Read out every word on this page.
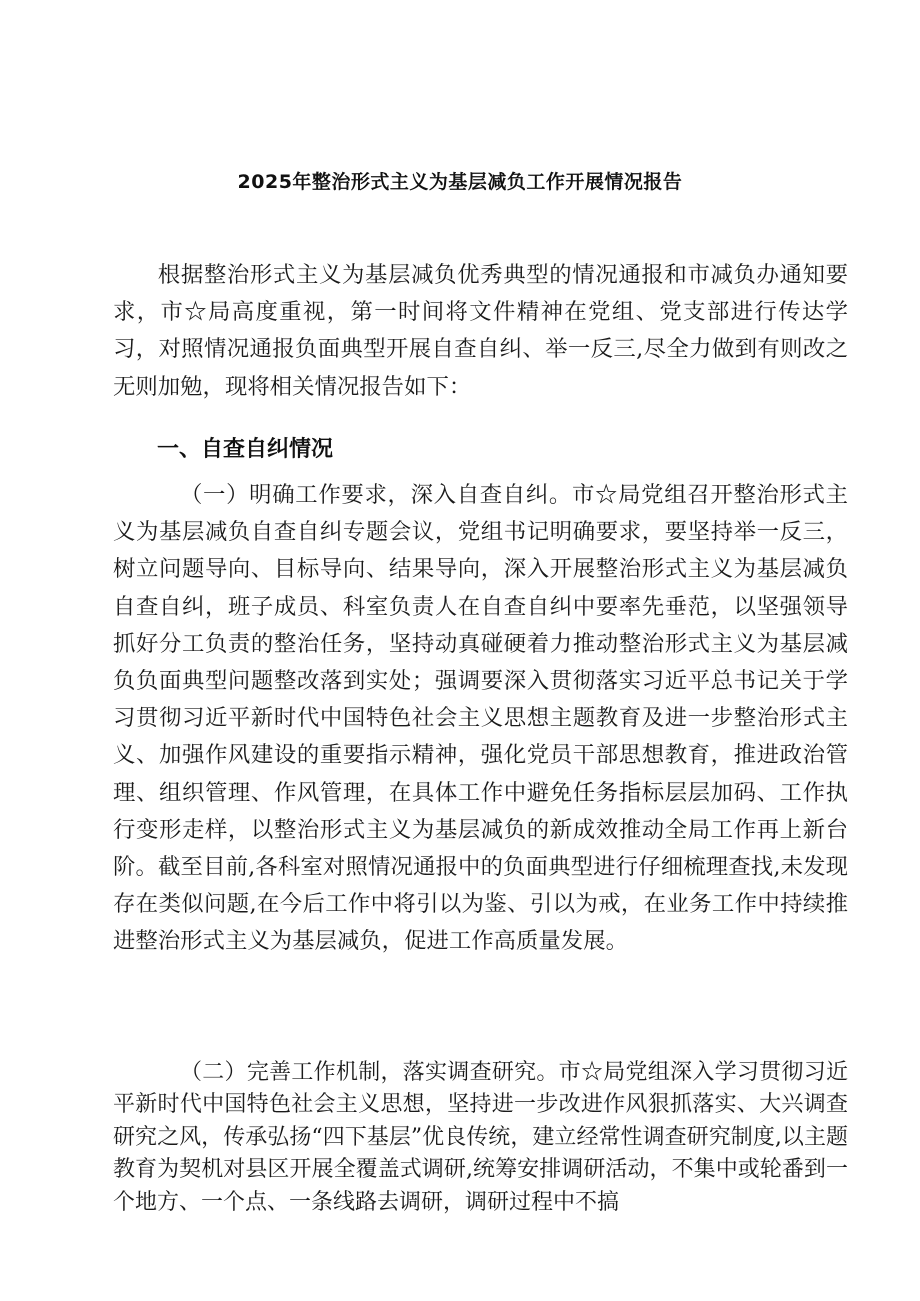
2025年整治形式主义为基层减负工作开展情况报告

根据整治形式主义为基层减负优秀典型的情况通报和市减负办通知要求，市☆局高度重视，第一时间将文件精神在党组、党支部进行传达学习，对照情况通报负面典型开展自查自纠、举一反三,尽全力做到有则改之无则加勉，现将相关情况报告如下：

一、自查自纠情况

（一）明确工作要求，深入自查自纠。市☆局党组召开整治形式主义为基层减负自查自纠专题会议，党组书记明确要求，要坚持举一反三，树立问题导向、目标导向、结果导向，深入开展整治形式主义为基层减负自查自纠，班子成员、科室负责人在自查自纠中要率先垂范，以坚强领导抓好分工负责的整治任务，坚持动真碰硬着力推动整治形式主义为基层减负负面典型问题整改落到实处；强调要深入贯彻落实习近平总书记关于学习贯彻习近平新时代中国特色社会主义思想主题教育及进一步整治形式主义、加强作风建设的重要指示精神，强化党员干部思想教育，推进政治管理、组织管理、作风管理，在具体工作中避免任务指标层层加码、工作执行变形走样，以整治形式主义为基层减负的新成效推动全局工作再上新台阶。截至目前,各科室对照情况通报中的负面典型进行仔细梳理查找,未发现存在类似问题,在今后工作中将引以为鉴、引以为戒，在业务工作中持续推进整治形式主义为基层减负，促进工作高质量发展。

（二）完善工作机制，落实调查研究。市☆局党组深入学习贯彻习近平新时代中国特色社会主义思想，坚持进一步改进作风狠抓落实、大兴调查研究之风，传承弘扬“四下基层”优良传统，建立经常性调查研究制度,以主题教育为契机对县区开展全覆盖式调研,统筹安排调研活动，不集中或轮番到一个地方、一个点、一条线路去调研，调研过程中不搞
